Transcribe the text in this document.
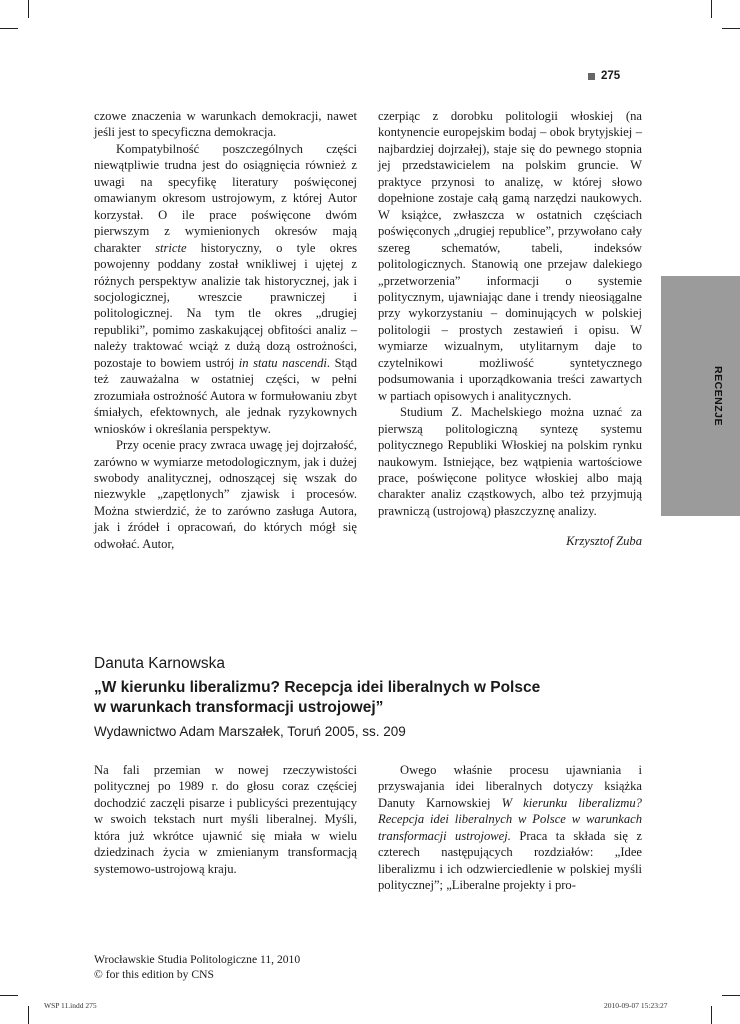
275
RECENZJE

czowe znaczenia w warunkach demokracji, nawet jeśli jest to specyficzna demokracja.

Kompatybilność poszczególnych części niewątpliwie trudna jest do osiągnięcia również z uwagi na specyfikę literatury poświęconej omawianym okresom ustrojowym, z której Autor korzystał. O ile prace poświęcone dwóm pierwszym z wymienionych okresów mają charakter stricte historyczny, o tyle okres powojenny poddany został wnikliwej i ujętej z różnych perspektyw analizie tak historycznej, jak i socjologicznej, wreszcie prawniczej i politologicznej. Na tym tle okres „drugiej republiki”, pomimo zaskakującej obfitości analiz – należy traktować wciąż z dużą dozą ostrożności, pozostaje to bowiem ustrój in statu nascendi. Stąd też zauważalna w ostatniej części, w pełni zrozumiała ostrożność Autora w formułowaniu zbyt śmiałych, efektownych, ale jednak ryzykownych wniosków i określania perspektyw.

Przy ocenie pracy zwraca uwagę jej dojrzałość, zarówno w wymiarze metodologicznym, jak i dużej swobody analitycznej, odnoszącej się wszak do niezwykle „zapętlonych” zjawisk i procesów. Można stwierdzić, że to zarówno zasługa Autora, jak i źródeł i opracowań, do których mógł się odwołać. Autor,

czerpiąc z dorobku politologii włoskiej (na kontynencie europejskim bodaj – obok brytyjskiej – najbardziej dojrzałej), staje się do pewnego stopnia jej przedstawicielem na polskim gruncie. W praktyce przynosi to analizę, w której słowo dopełnione zostaje całą gamą narzędzi naukowych. W książce, zwłaszcza w ostatnich częściach poświęconych „drugiej republice”, przywołano cały szereg schematów, tabeli, indeksów politologicznych. Stanowią one przejaw dalekiego „przetworzenia” informacji o systemie politycznym, ujawniając dane i trendy nieosiągalne przy wykorzystaniu – dominujących w polskiej politologii – prostych zestawień i opisu. W wymiarze wizualnym, utylitarnym daje to czytelnikowi możliwość syntetycznego podsumowania i uporządkowania treści zawartych w partiach opisowych i analitycznych.

Studium Z. Machelskiego można uznać za pierwszą politologiczną syntezę systemu politycznego Republiki Włoskiej na polskim rynku naukowym. Istniejące, bez wątpienia wartościowe prace, poświęcone polityce włoskiej albo mają charakter analiz cząstkowych, albo też przyjmują prawniczą (ustrojową) płaszczyznę analizy.

Krzysztof Zuba

Danuta Karnowska
„W kierunku liberalizmu? Recepcja idei liberalnych w Polsce
w warunkach transformacji ustrojowej”
Wydawnictwo Adam Marszałek, Toruń 2005, ss. 209

Na fali przemian w nowej rzeczywistości politycznej po 1989 r. do głosu coraz częściej dochodzić zaczęli pisarze i publicyści prezentujący w swoich tekstach nurt myśli liberalnej. Myśli, która już wkrótce ujawnić się miała w wielu dziedzinach życia w zmienianym transformacją systemowo-ustrojową kraju.

Owego właśnie procesu ujawniania i przyswajania idei liberalnych dotyczy książka Danuty Karnowskiej W kierunku liberalizmu? Recepcja idei liberalnych w Polsce w warunkach transformacji ustrojowej. Praca ta składa się z czterech następujących rozdziałów: „Idee liberalizmu i ich odzwierciedlenie w polskiej myśli politycznej”; „Liberalne projekty i pro-

Wrocławskie Studia Politologiczne 11, 2010
© for this edition by CNS
WSP 11.indd 275	2010-09-07 15:23:27
